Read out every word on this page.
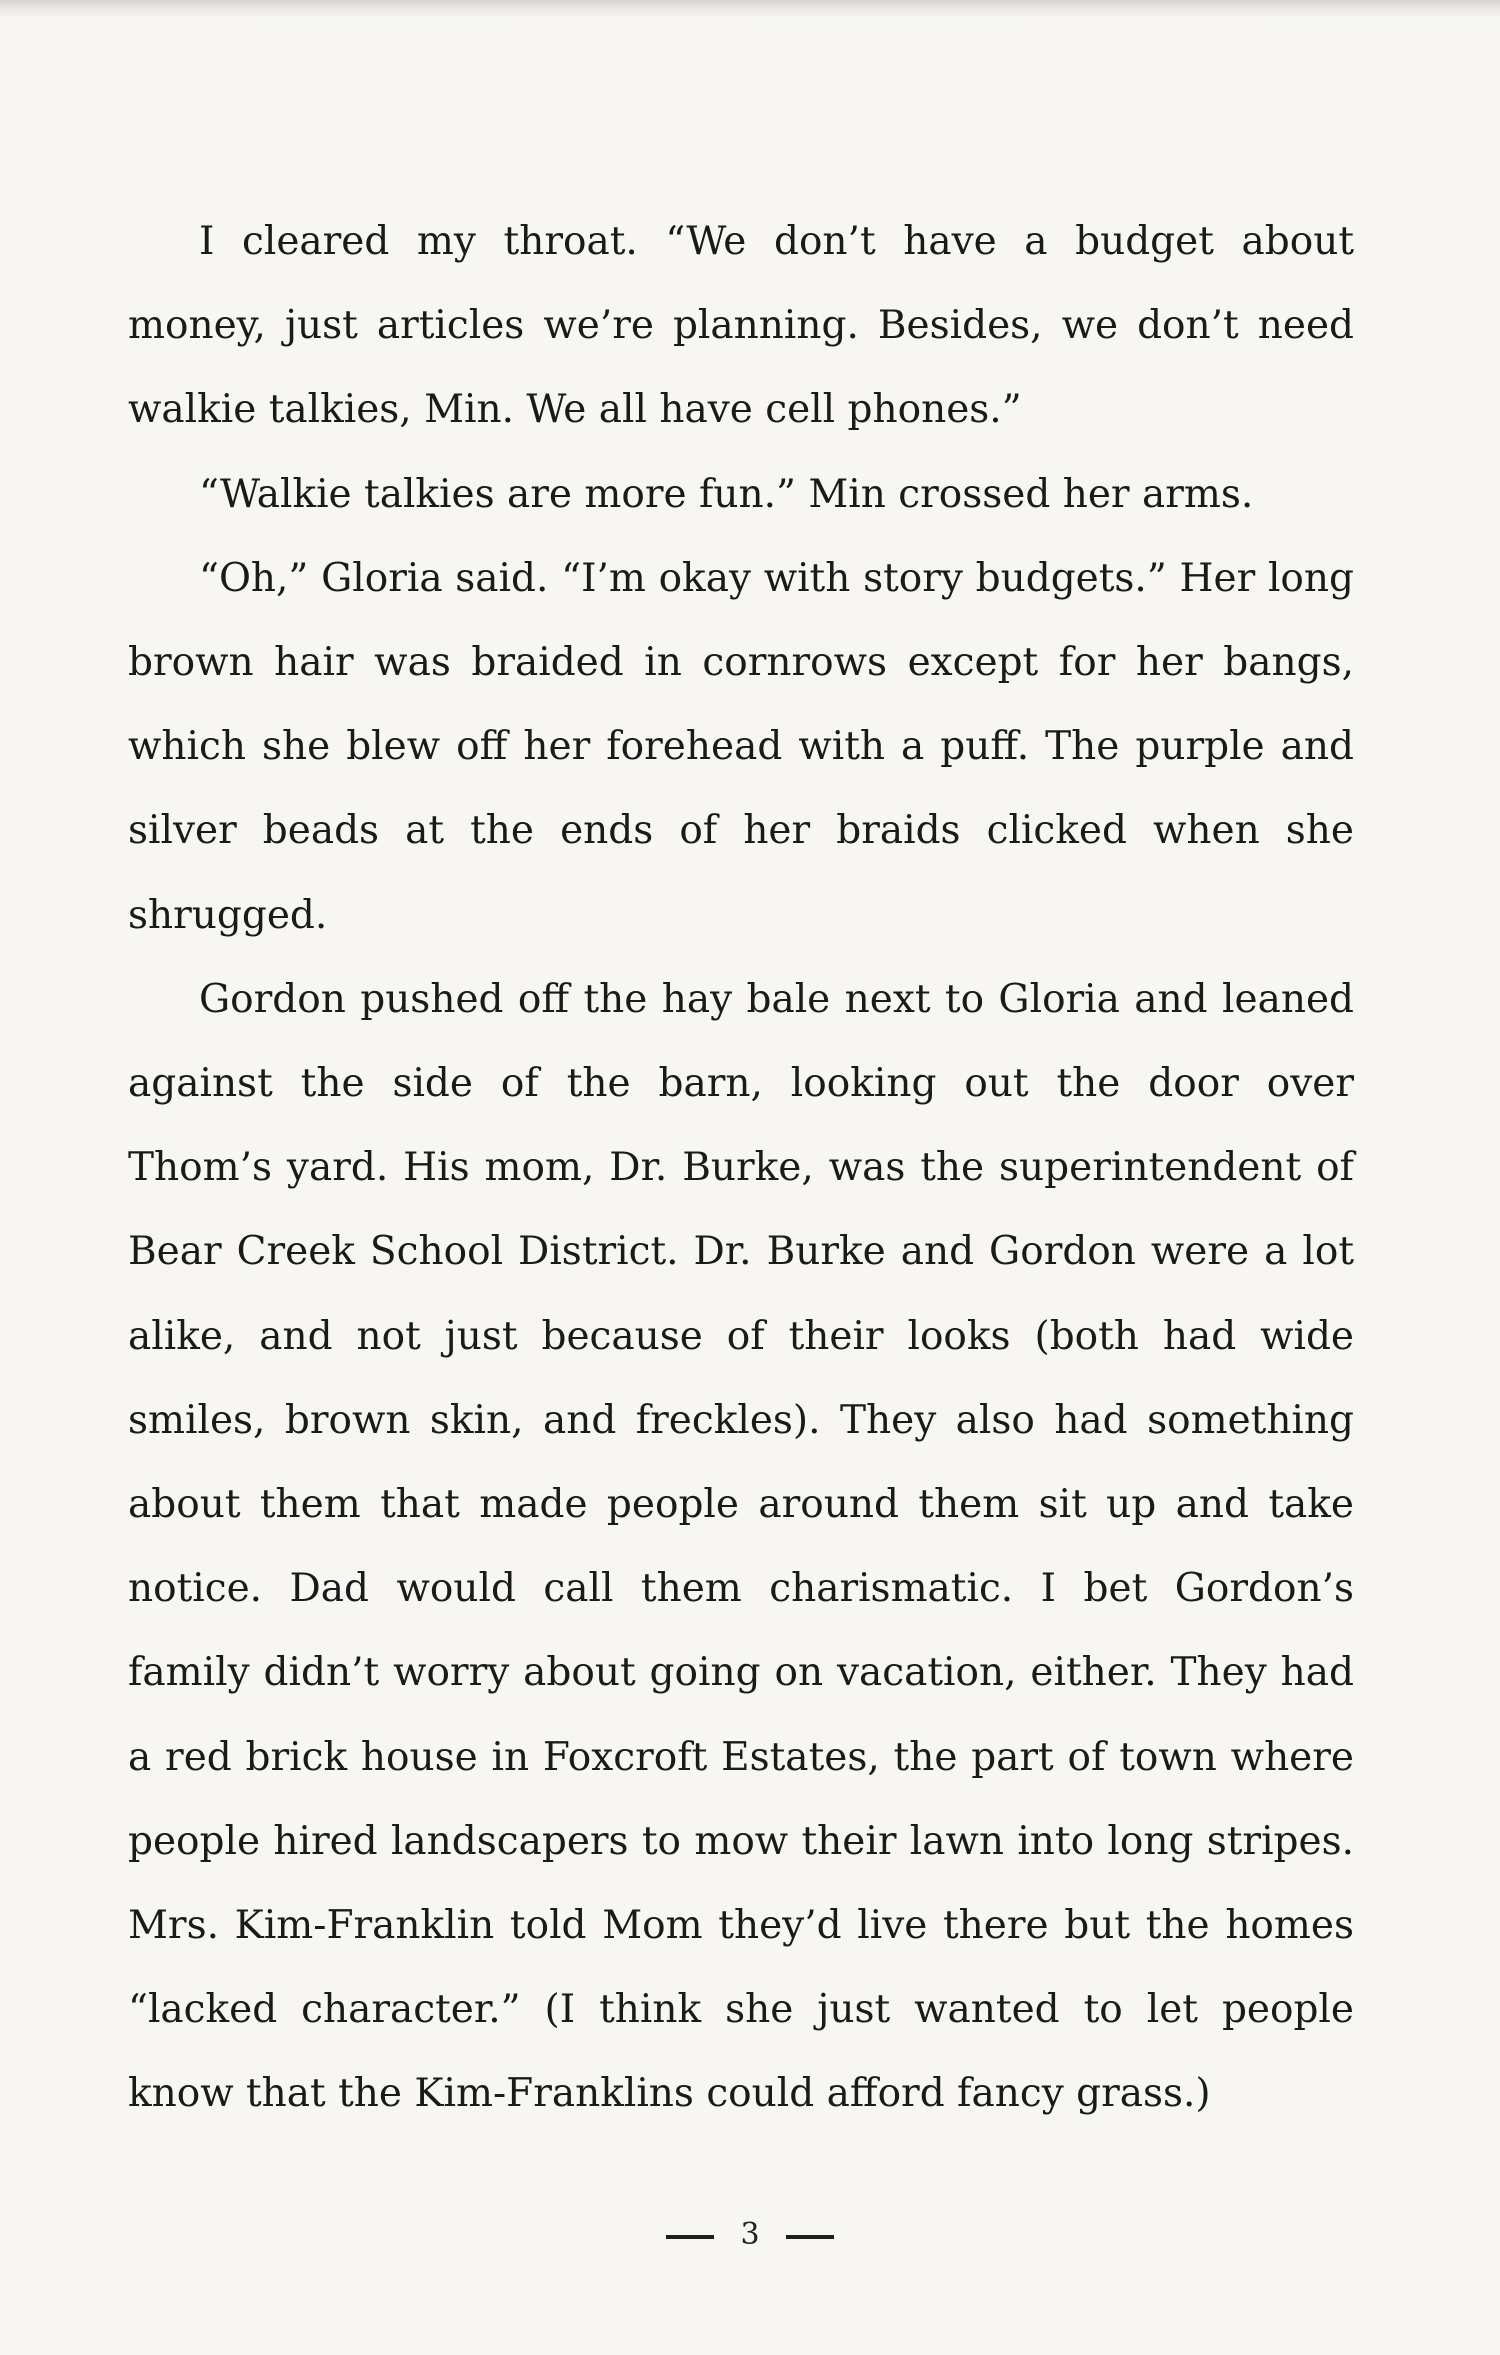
I cleared my throat. “We don’t have a budget about money, just articles we’re planning. Besides, we don’t need walkie talkies, Min. We all have cell phones.”

“Walkie talkies are more fun.” Min crossed her arms.

“Oh,” Gloria said. “I’m okay with story budgets.” Her long brown hair was braided in cornrows except for her bangs, which she blew off her forehead with a puff. The purple and silver beads at the ends of her braids clicked when she shrugged.

Gordon pushed off the hay bale next to Gloria and leaned against the side of the barn, looking out the door over Thom’s yard. His mom, Dr. Burke, was the superintendent of Bear Creek School District. Dr. Burke and Gordon were a lot alike, and not just because of their looks (both had wide smiles, brown skin, and freckles). They also had something about them that made people around them sit up and take notice. Dad would call them charismatic. I bet Gordon’s family didn’t worry about going on vacation, either. They had a red brick house in Foxcroft Estates, the part of town where people hired landscapers to mow their lawn into long stripes. Mrs. Kim-Franklin told Mom they’d live there but the homes “lacked character.” (I think she just wanted to let people know that the Kim-Franklins could afford fancy grass.)

3
